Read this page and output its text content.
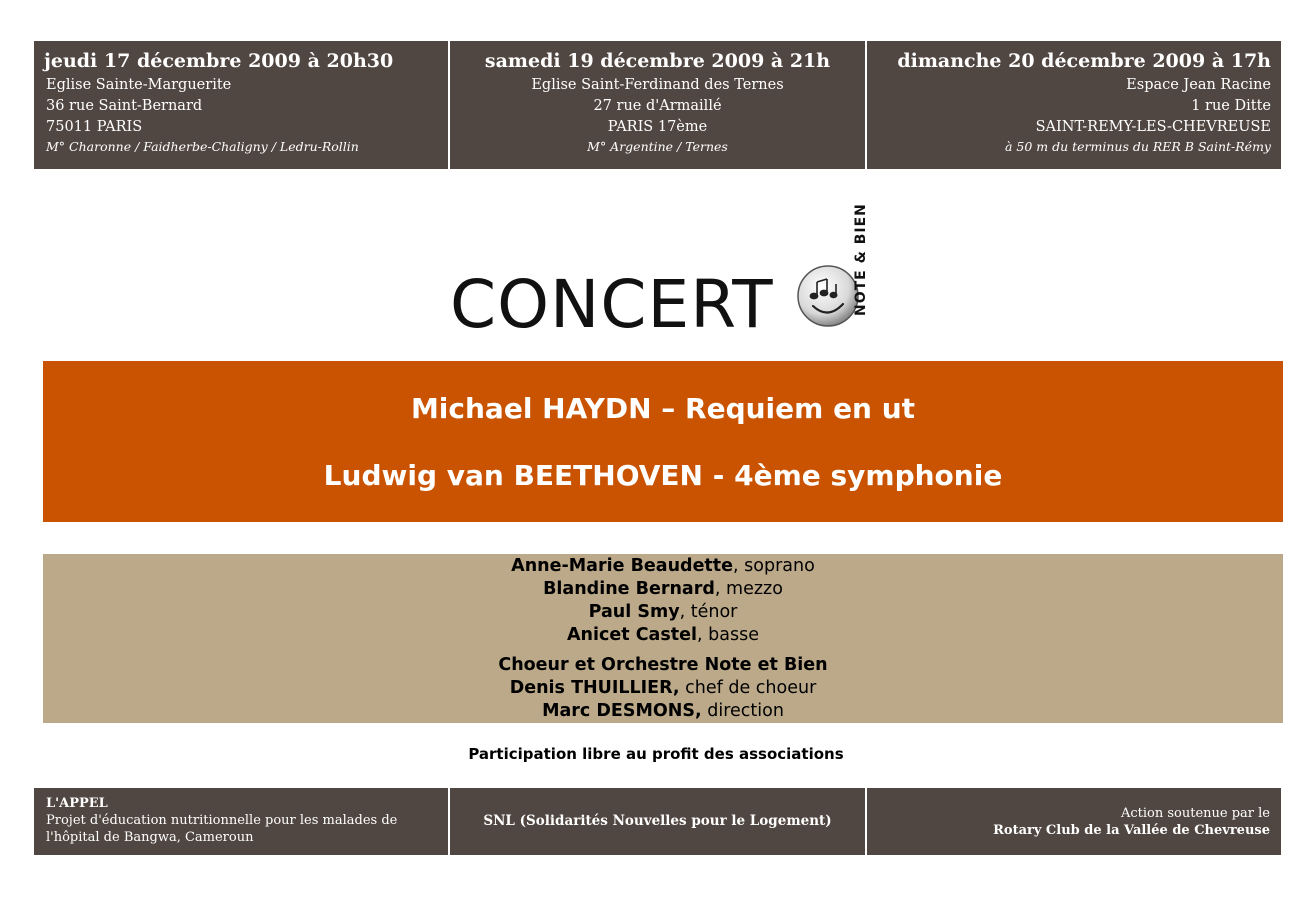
jeudi 17 décembre 2009 à 20h30
Eglise Sainte-Marguerite
36 rue Saint-Bernard
75011 PARIS
M° Charonne / Faidherbe-Chaligny / Ledru-Rollin
samedi 19 décembre 2009 à 21h
Eglise Saint-Ferdinand des Ternes
27 rue d'Armaillé
PARIS 17ème
M° Argentine / Ternes
dimanche 20 décembre 2009 à 17h
Espace Jean Racine
1 rue Ditte
SAINT-REMY-LES-CHEVREUSE
à 50 m du terminus du RER B Saint-Rémy
CONCERT	NOTE & BIEN
Michael HAYDN – Requiem en ut
Ludwig van BEETHOVEN - 4ème symphonie
Anne-Marie Beaudette, soprano
Blandine Bernard, mezzo
Paul Smy, ténor
Anicet Castel, basse
Choeur et Orchestre Note et Bien
Denis THUILLIER, chef de choeur
Marc DESMONS, direction
Participation libre au profit des associations
L'APPEL
Projet d'éducation nutritionnelle pour les malades de l'hôpital de Bangwa, Cameroun
SNL (Solidarités Nouvelles pour le Logement)	Action soutenue par le
Rotary Club de la Vallée de Chevreuse
